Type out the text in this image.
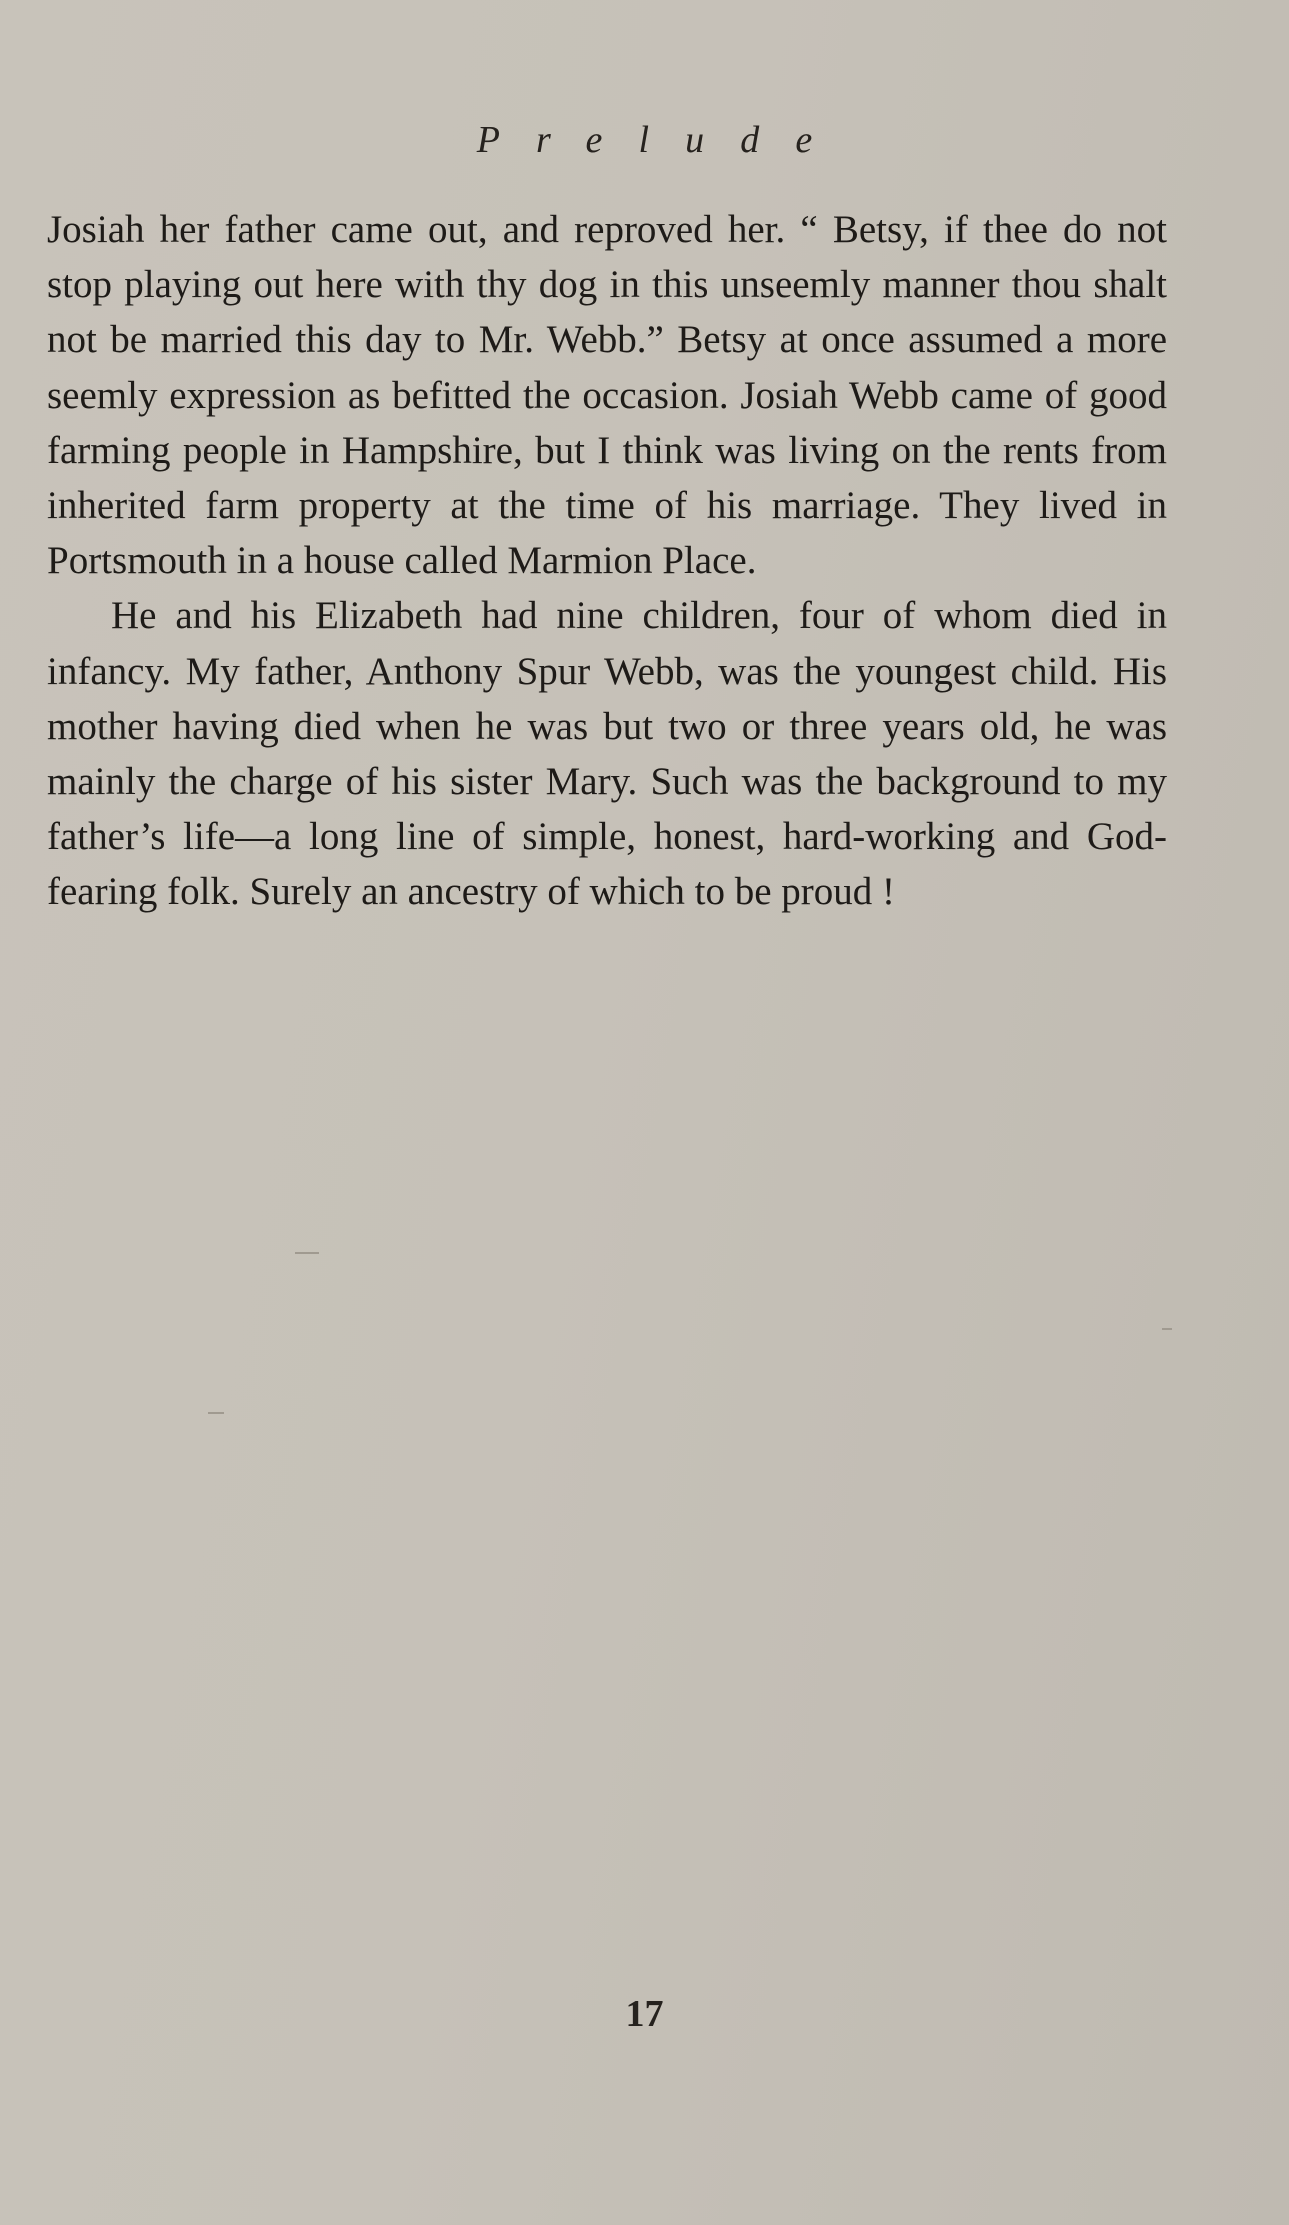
Prelude

Josiah her father came out, and reproved her. “ Betsy, if thee do not stop playing out here with thy dog in this unseemly manner thou shalt not be married this day to Mr. Webb.” Betsy at once assumed a more seemly expression as befitted the occasion. Josiah Webb came of good farming people in Hampshire, but I think was living on the rents from inherited farm property at the time of his marriage. They lived in Portsmouth in a house called Marmion Place.

He and his Elizabeth had nine children, four of whom died in infancy. My father, Anthony Spur Webb, was the youngest child. His mother having died when he was but two or three years old, he was mainly the charge of his sister Mary. Such was the background to my father’s life—a long line of simple, honest, hard-working and God-fearing folk. Surely an ancestry of which to be proud !

17
